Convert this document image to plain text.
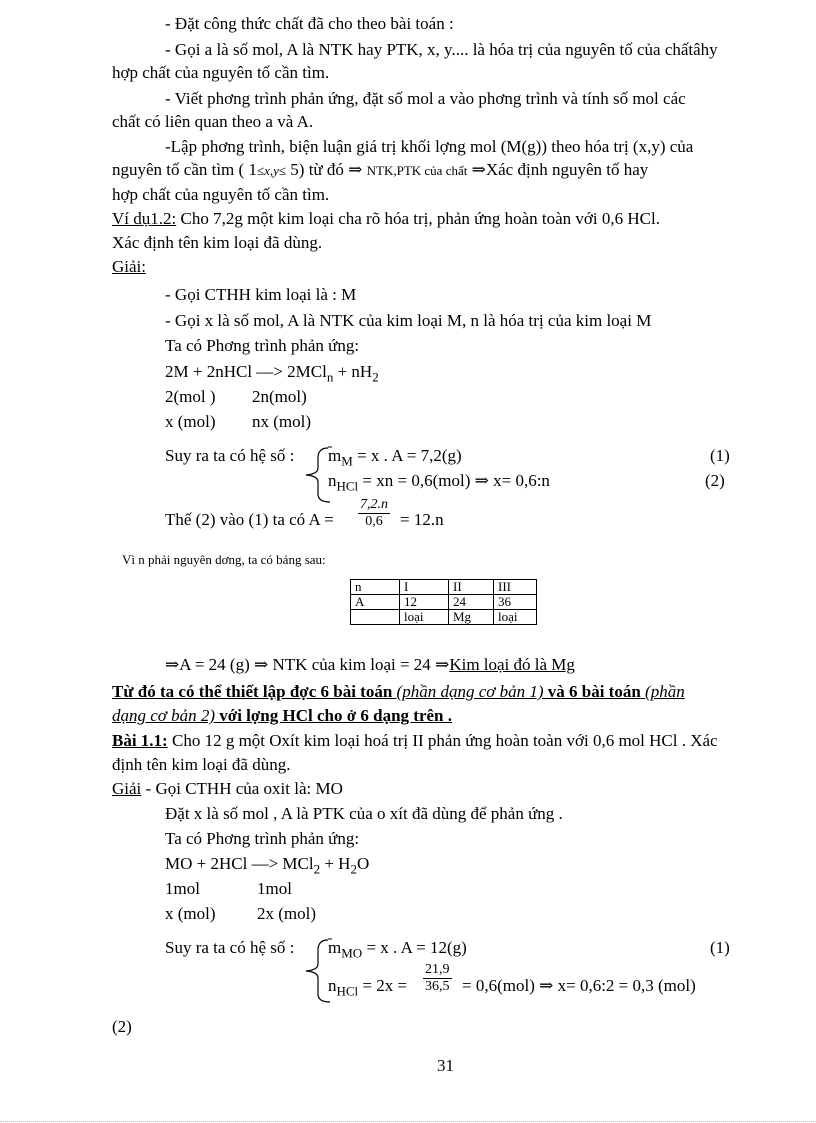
- Đặt công thức chất đã cho theo bài toán :
- Gọi a là số mol, A là NTK hay PTK, x, y.... là hóa trị của nguyên tố của chấtâhy
hợp chất của nguyên tố cần tìm.
- Viết phơng trình phản ứng, đặt số mol a vào phơng trình và tính số mol các
chất có liên quan theo a và A.
-Lập phơng trình, biện luận giá trị khối lợng mol (M(g)) theo hóa trị (x,y) của
nguyên tố cần tìm ( 1≤x,y≤ 5) từ đó ⇒ NTK,PTK của chất ⇒Xác định nguyên tố hay
hợp chất của nguyên tố cần tìm.
Ví dụ1.2: Cho 7,2g một kim loại cha rõ hóa trị, phản ứng hoàn toàn với 0,6 HCl.
Xác định tên kim loại đã dùng.
Giải:
- Gọi CTHH kim loại là : M
- Gọi x là số mol, A là NTK của kim loại M, n là hóa trị của kim loại M
Ta có Phơng trình phản ứng:
2M + 2nHCl —> $2MCl_n + nH_2$
2(mol ) 2n(mol)
x (mol) nx (mol)
Suy ra ta có hệ số : $m_M = x$ . A = 7,2(g)	(1)
$n_{HCl}$ = xn = 0,6(mol) ⇒ x= 0,6:n	(2)
Thế (2) vào (1) ta có $A = \frac{7,2.n}{0,6} = 12.n$
Vì n phải nguyên dơng, ta có bảng sau:
n	I	II	III
A	12	24	36
	loại	Mg	loại
⇒A = 24 (g) ⇒ NTK của kim loại = 24 ⇒Kim loại đó là Mg
Từ đó ta có thể thiết lập đợc 6 bài toán (phần dạng cơ bản 1) và 6 bài toán (phần
dạng cơ bản 2) với lợng HCl cho ở 6 dạng trên .
Bài 1.1: Cho 12 g một Oxít kim loại hoá trị II phản ứng hoàn toàn với 0,6 mol HCl . Xác
định tên kim loại đã dùng.
Giải - Gọi CTHH của oxit là: MO
Đặt x là số mol , A là PTK của o xít đã dùng để phản ứng .
Ta có Phơng trình phản ứng:
MO + 2HCl —> $MCl_2 + H_2O$
1mol	1mol
x (mol) 2x (mol)
Suy ra ta có hệ số : $m_{MO} = x$ . A = 12(g)	(1)
$n_{HCl} = 2x = \frac{21,9}{36,5} = 0,6(mol)$ ⇒ x= 0,6:2 = 0,3 (mol)
(2)
31
